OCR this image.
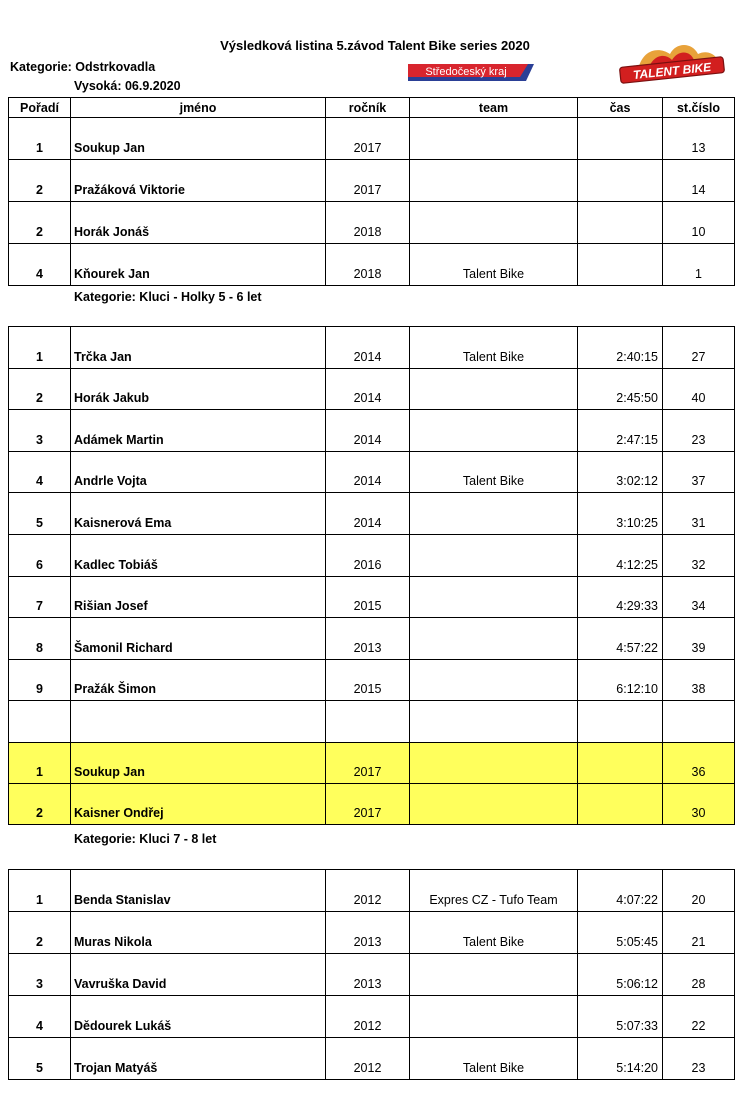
Výsledková listina 5.závod Talent Bike series 2020
Kategorie: Odstrkovadla
Vysoká: 06.9.2020
Středočeský kraj	TALENT BIKE
Pořadí	jméno	ročník	team	čas	st.číslo
1	Soukup Jan	2017			13
2	Pražáková Viktorie	2017			14
2	Horák Jonáš	2018			10
4	Kňourek Jan	2018	Talent Bike		1
Kategorie: Kluci - Holky 5 - 6 let
1	Trčka Jan	2014	Talent Bike	2:40:15	27
2	Horák Jakub	2014		2:45:50	40
3	Adámek Martin	2014		2:47:15	23
4	Andrle Vojta	2014	Talent Bike	3:02:12	37
5	Kaisnerová Ema	2014		3:10:25	31
6	Kadlec Tobiáš	2016		4:12:25	32
7	Rišian Josef	2015		4:29:33	34
8	Šamonil Richard	2013		4:57:22	39
9	Pražák Šimon	2015		6:12:10	38

1	Soukup Jan	2017			36
2	Kaisner Ondřej	2017			30
Kategorie: Kluci 7 - 8 let
1	Benda Stanislav	2012	Expres CZ - Tufo Team	4:07:22	20
2	Muras Nikola	2013	Talent Bike	5:05:45	21
3	Vavruška David	2013		5:06:12	28
4	Dědourek Lukáš	2012		5:07:33	22
5	Trojan Matyáš	2012	Talent Bike	5:14:20	23
